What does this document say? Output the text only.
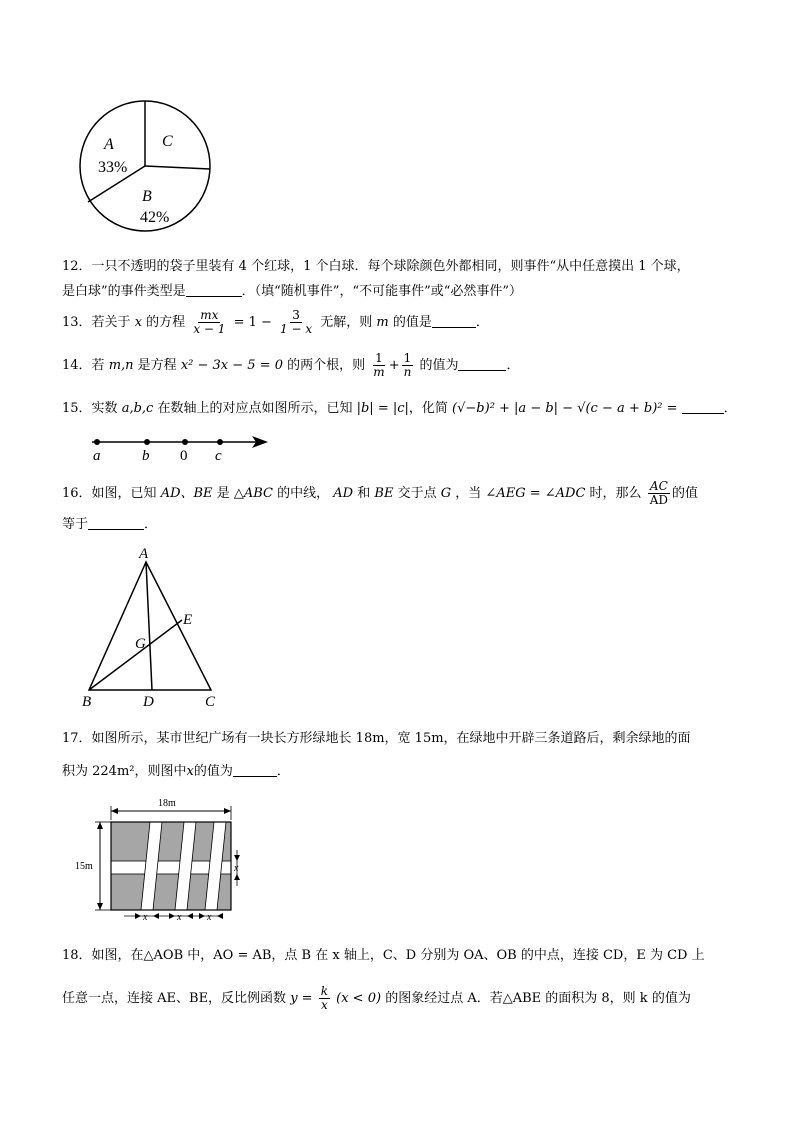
A
33%
C
B
42%
12．一只不透明的袋子里装有 4 个红球，1 个白球．每个球除颜色外都相同，则事件“从中任意摸出 1 个球，
是白球”的事件类型是	．（填“随机事件”，“不可能事件”或“必然事件”）
13．若关于 x 的方程 $\frac{mx}{x - 1} = 1 - \frac{3}{1 - x}$ 无解，则 m 的值是	．
14．若 m,n 是方程 x² − 3x − 5 = 0 的两个根，则 $\frac{1}{m} + \frac{1}{n}$ 的值为	．
15．实数 a,b,c 在数轴上的对应点如图所示，已知 |b| = |c|，化简 (√−b)² + |a − b| − √(c − a + b)² =	．
a	b 0 c
16．如图，已知 AD、BE 是 △ABC 的中线， AD 和 BE 交于点 G ，当 ∠AEG = ∠ADC 时，那么 $\frac{AC}{AD}$ 的值
等于	．
A
B	C
D
E
G
17．如图所示，某市世纪广场有一块长方形绿地长 18m，宽 15m，在绿地中开辟三条道路后，剩余绿地的面
积为 224m²，则图中x的值为	．
18m
15m	x
x	x	x
18．如图，在△AOB 中，AO = AB，点 B 在 x 轴上，C、D 分别为 OA、OB 的中点，连接 CD，E 为 CD 上
任意一点，连接 AE、BE，反比例函数 $y = \frac{k}{x} (x < 0)$ 的图象经过点 A．若△ABE 的面积为 8，则 k 的值为
